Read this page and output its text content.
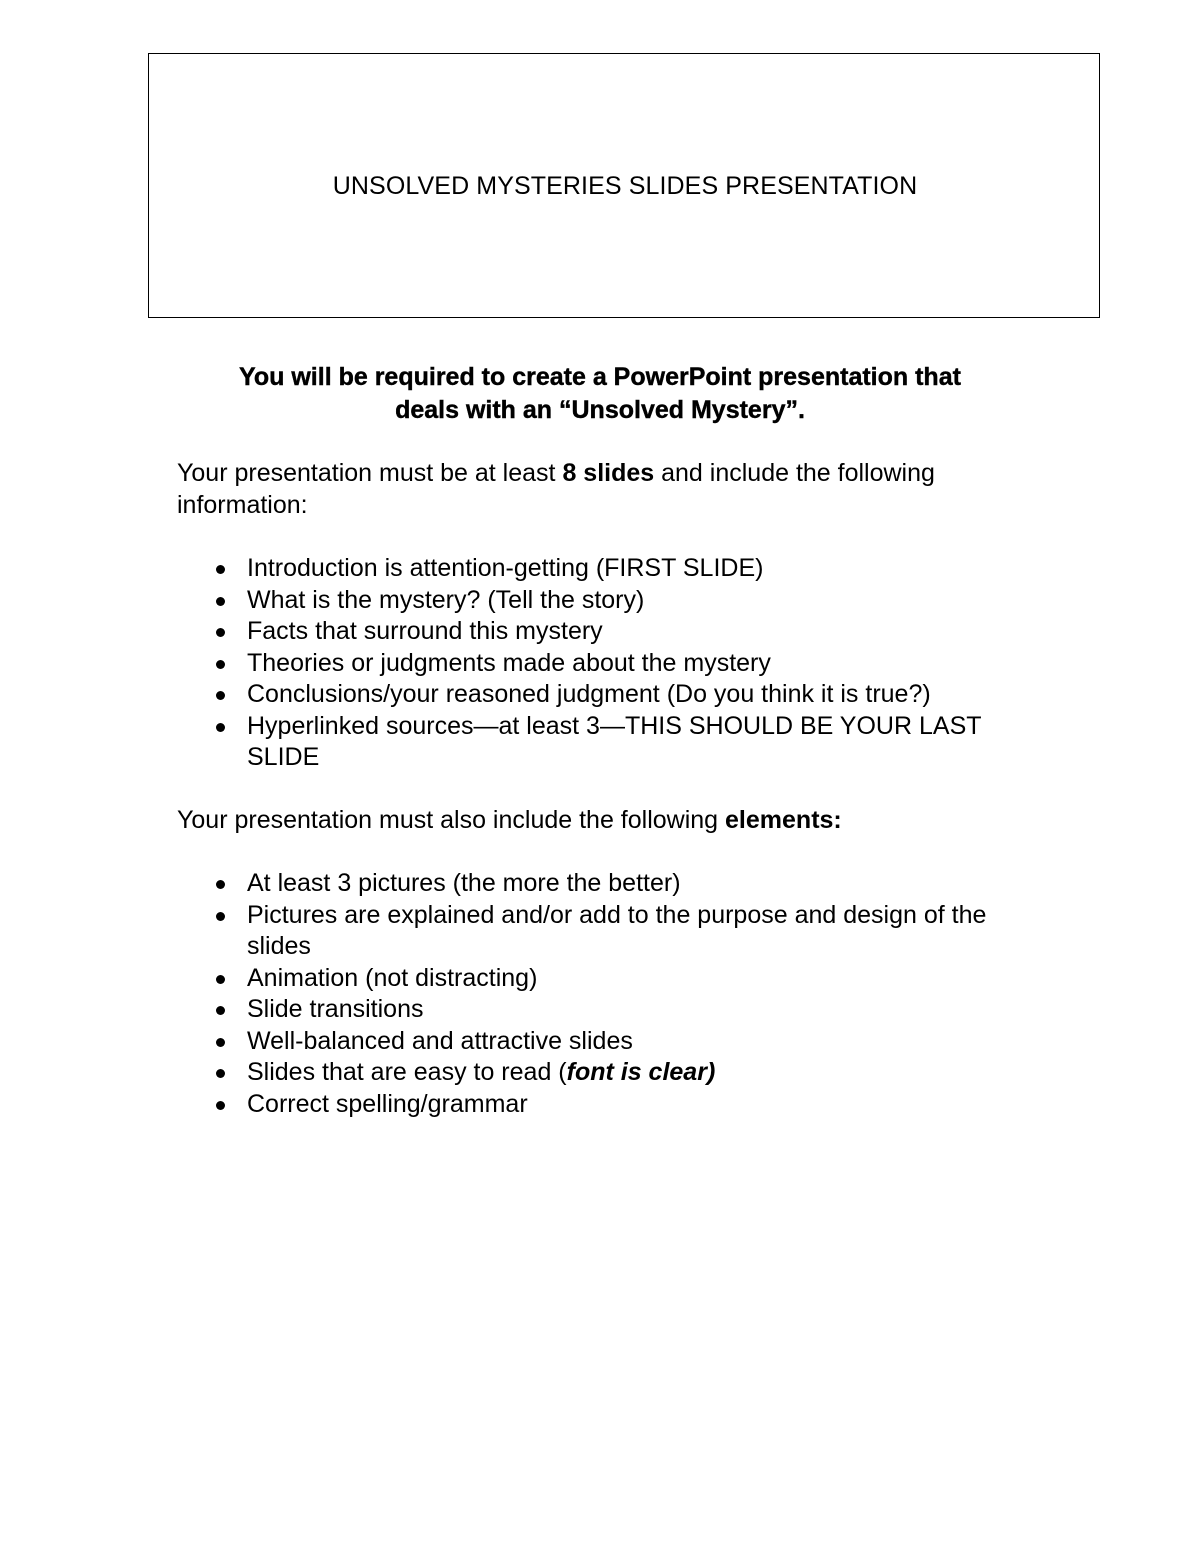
UNSOLVED MYSTERIES SLIDES PRESENTATION
You will be required to create a PowerPoint presentation that
deals with an “Unsolved Mystery”.
Your presentation must be at least 8 slides and include the following information:
Introduction is attention-getting (FIRST SLIDE)
What is the mystery? (Tell the story)
Facts that surround this mystery
Theories or judgments made about the mystery
Conclusions/your reasoned judgment (Do you think it is true?)
Hyperlinked sources—at least 3—THIS SHOULD BE YOUR LAST SLIDE
Your presentation must also include the following elements:
At least 3 pictures (the more the better)
Pictures are explained and/or add to the purpose and design of the slides
Animation (not distracting)
Slide transitions
Well-balanced and attractive slides
Slides that are easy to read (font is clear)
Correct spelling/grammar
